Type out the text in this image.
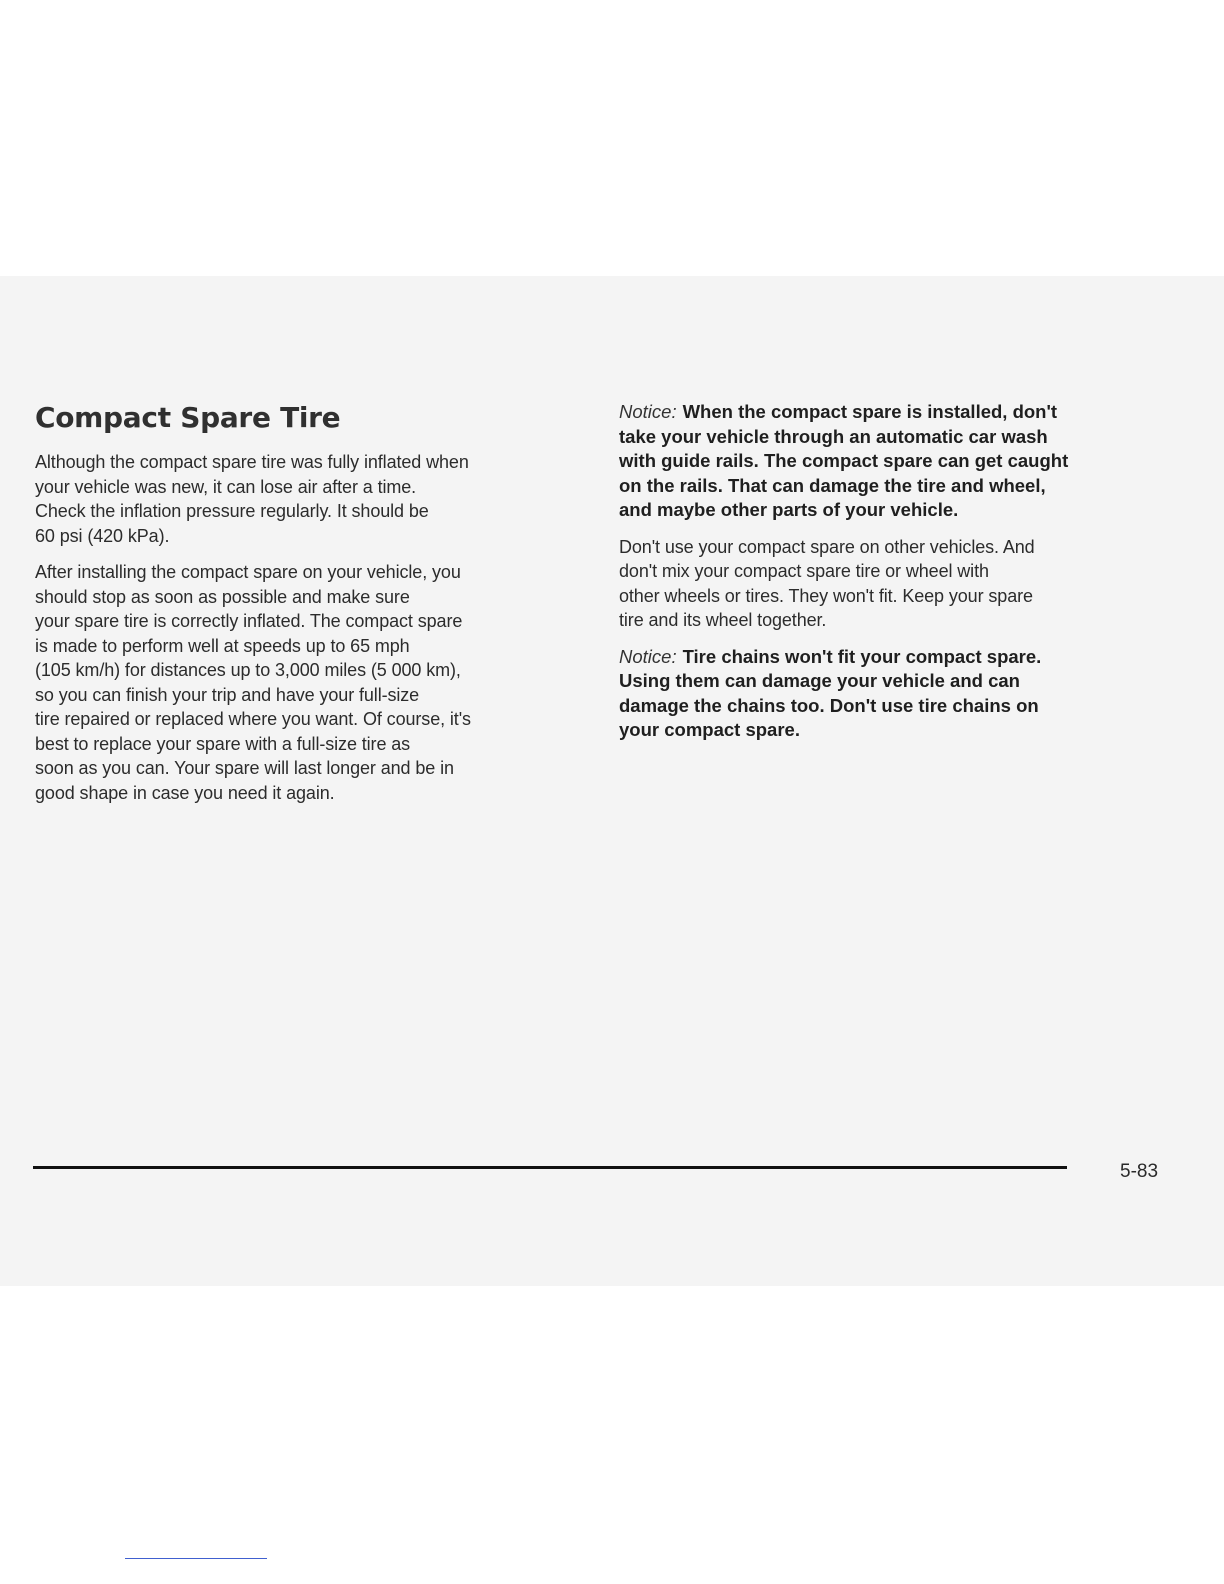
Compact Spare Tire

Although the compact spare tire was fully inflated when
your vehicle was new, it can lose air after a time.
Check the inflation pressure regularly. It should be
60 psi (420 kPa).

After installing the compact spare on your vehicle, you
should stop as soon as possible and make sure
your spare tire is correctly inflated. The compact spare
is made to perform well at speeds up to 65 mph
(105 km/h) for distances up to 3,000 miles (5 000 km),
so you can finish your trip and have your full-size
tire repaired or replaced where you want. Of course, it's
best to replace your spare with a full-size tire as
soon as you can. Your spare will last longer and be in
good shape in case you need it again.

Notice: When the compact spare is installed, don't
take your vehicle through an automatic car wash
with guide rails. The compact spare can get caught
on the rails. That can damage the tire and wheel,
and maybe other parts of your vehicle.

Don't use your compact spare on other vehicles. And
don't mix your compact spare tire or wheel with
other wheels or tires. They won't fit. Keep your spare
tire and its wheel together.

Notice: Tire chains won't fit your compact spare.
Using them can damage your vehicle and can
damage the chains too. Don't use tire chains on
your compact spare.

5-83
